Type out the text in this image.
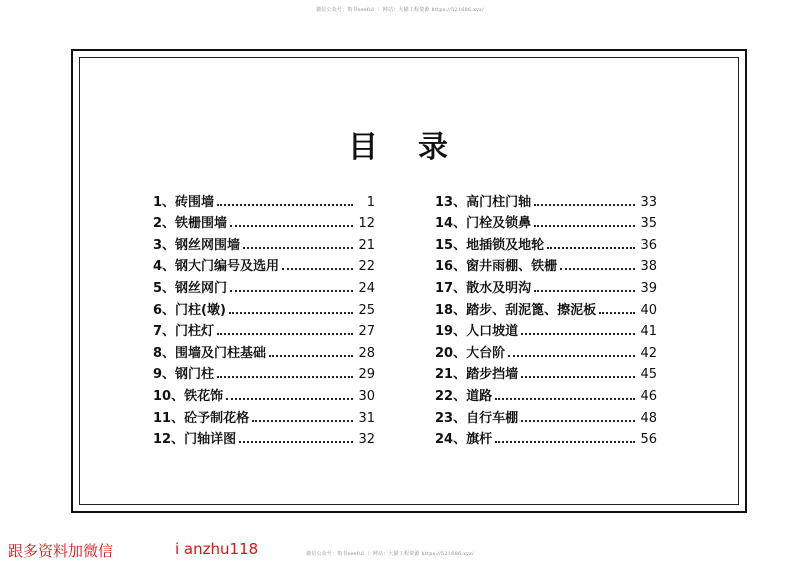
微信公众号：筑书seeful ｜ 网站：大猫工程资源 https://521686.xyz/
目录
1、砖围墙	1
2、铁栅围墙	12
3、钢丝网围墙	21
4、钢大门编号及选用	22
5、钢丝网门	24
6、门柱(墩)	25
7、门柱灯	27
8、围墙及门柱基础	28
9、钢门柱	29
10、铁花饰	30
11、砼予制花格	31
12、门轴详图	32
13、高门柱门轴	33
14、门栓及锁鼻	35
15、地插锁及地轮	36
16、窗井雨棚、铁栅	38
17、散水及明沟	39
18、踏步、刮泥篦、擦泥板	40
19、人口坡道	41
20、大台阶	42
21、踏步挡墙	45
22、道路	46
23、自行车棚	48
24、旗杆	56
微信公众号：筑书seeful ｜ 网站：大猫工程资源 https://521686.xyz/
跟多资料加微信	i anzhu118
